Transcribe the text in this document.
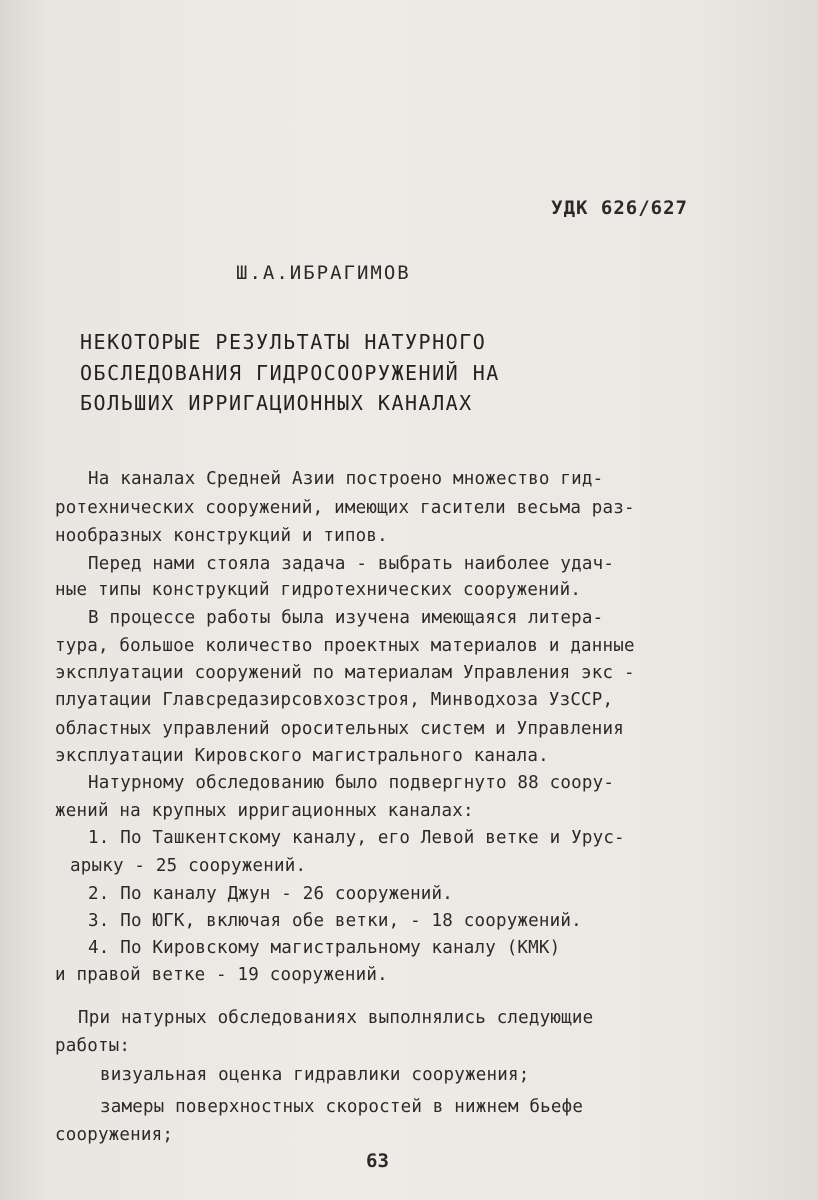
УДК 626/627

Ш.А.ИБРАГИМОВ

НЕКОТОРЫЕ РЕЗУЛЬТАТЫ НАТУРНОГО

ОБСЛЕДОВАНИЯ ГИДРОСООРУЖЕНИЙ НА

БОЛЬШИХ ИРРИГАЦИОННЫХ КАНАЛАХ

На каналах Средней Азии построено множество гид-

ротехнических сооружений, имеющих гасители весьма раз-

нообразных конструкций и типов.

Перед нами стояла задача - выбрать наиболее удач-

ные типы конструкций гидротехнических сооружений.

В процессе работы была изучена имеющаяся литера-

тура, большое количество проектных материалов и данные

эксплуатации сооружений по материалам Управления экс -

плуатации Главсредазирсовхозстроя, Минводхоза УзССР,

областных управлений оросительных систем и Управления

эксплуатации Кировского магистрального канала.

Натурному обследованию было подвергнуто 88 соору-

жений на крупных ирригационных каналах:

1. По Ташкентскому каналу, его Левой ветке и Урус-

арыку - 25 сооружений.

2. По каналу Джун - 26 сооружений.

3. По ЮГК, включая обе ветки, - 18 сооружений.

4. По Кировскому магистральному каналу (КМК)

и правой ветке - 19 сооружений.

При натурных обследованиях выполнялись следующие

работы:

визуальная оценка гидравлики сооружения;

замеры поверхностных скоростей в нижнем бьефе

сооружения;

63
